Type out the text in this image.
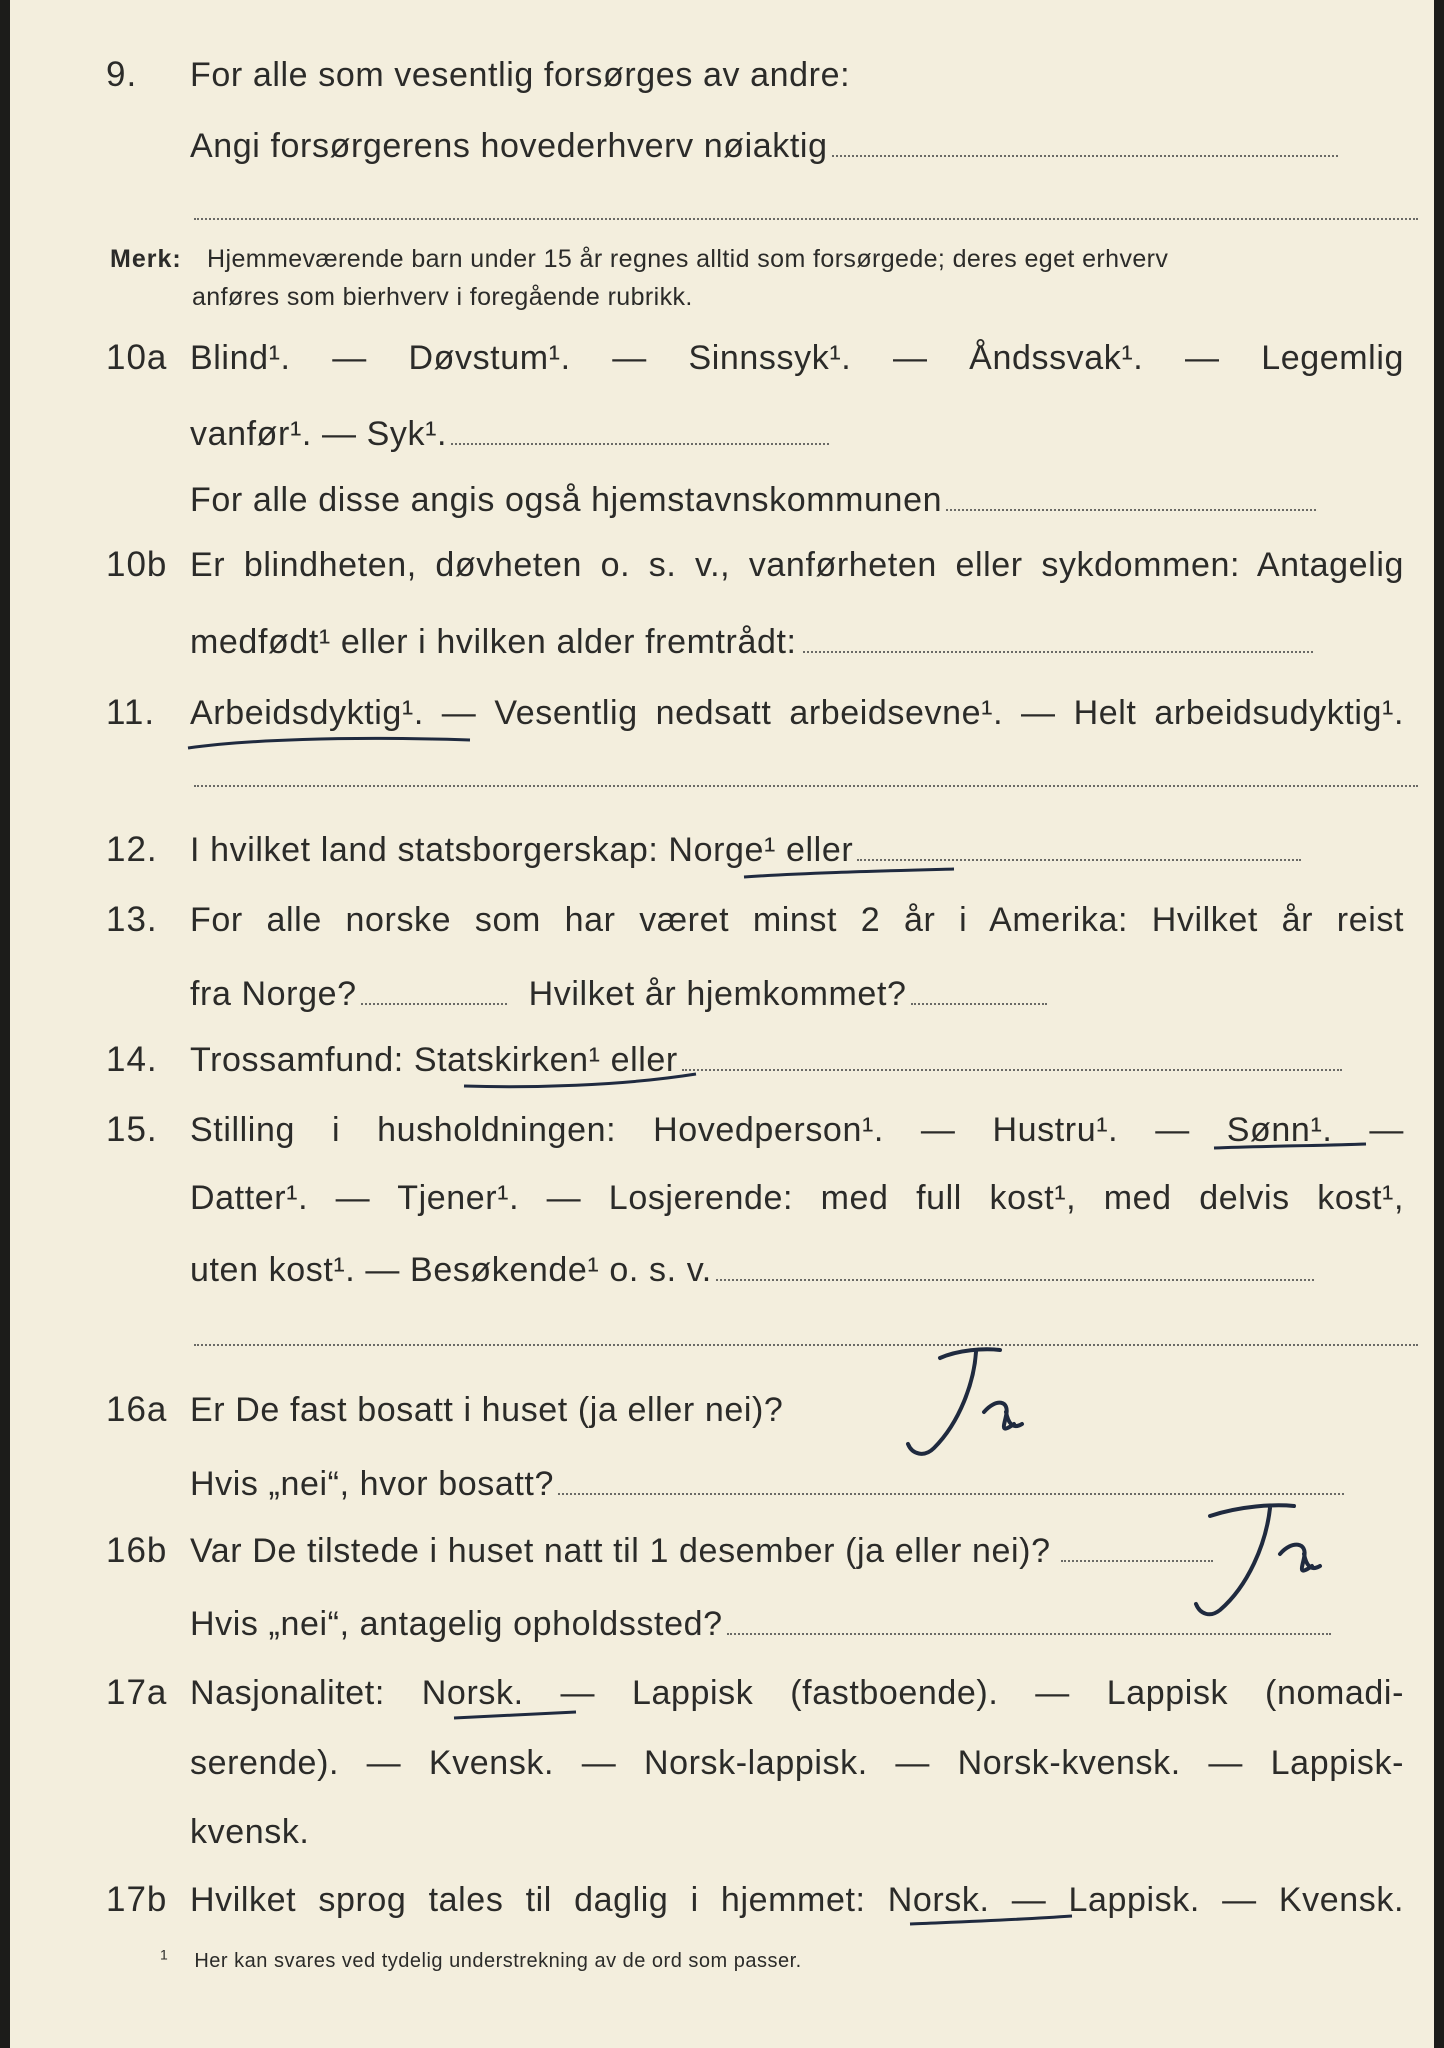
9. For alle som vesentlig forsørges av andre:
Angi forsørgerens hovederhverv nøiaktig
Merk: Hjemmeværende barn under 15 år regnes alltid som forsørgede; deres eget erhverv
anføres som bierhverv i foregående rubrikk.
10a Blind¹. — Døvstum¹. — Sinnssyk¹. — Åndssvak¹. — Legemlig
vanfør¹. — Syk¹.
For alle disse angis også hjemstavnskommunen
10b Er blindheten, døvheten o. s. v., vanførheten eller sykdommen: Antagelig
medfødt¹ eller i hvilken alder fremtrådt:
11. Arbeidsdyktig¹. — Vesentlig nedsatt arbeidsevne¹. — Helt arbeidsudyktig¹.
12. I hvilket land statsborgerskap: Norge¹ eller
13. For alle norske som har været minst 2 år i Amerika: Hvilket år reist
fra Norge?	Hvilket år hjemkommet?
14. Trossamfund: Statskirken¹ eller
15. Stilling i husholdningen: Hovedperson¹. — Hustru¹. — Sønn¹. —
Datter¹. — Tjener¹. — Losjerende: med full kost¹, med delvis kost¹,
uten kost¹. — Besøkende¹ o. s. v.
16a Er De fast bosatt i huset (ja eller nei)?
Ja
Hvis „nei“, hvor bosatt?
16b Var De tilstede i huset natt til 1 desember (ja eller nei)?
Ja
Hvis „nei“, antagelig opholdssted?
17a Nasjonalitet: Norsk. — Lappisk (fastboende). — Lappisk (nomadi-
serende). — Kvensk. — Norsk-lappisk. — Norsk-kvensk. — Lappisk-
kvensk.
17b Hvilket sprog tales til daglig i hjemmet: Norsk. — Lappisk. — Kvensk.
$^1$ Her kan svares ved tydelig understrekning av de ord som passer.
